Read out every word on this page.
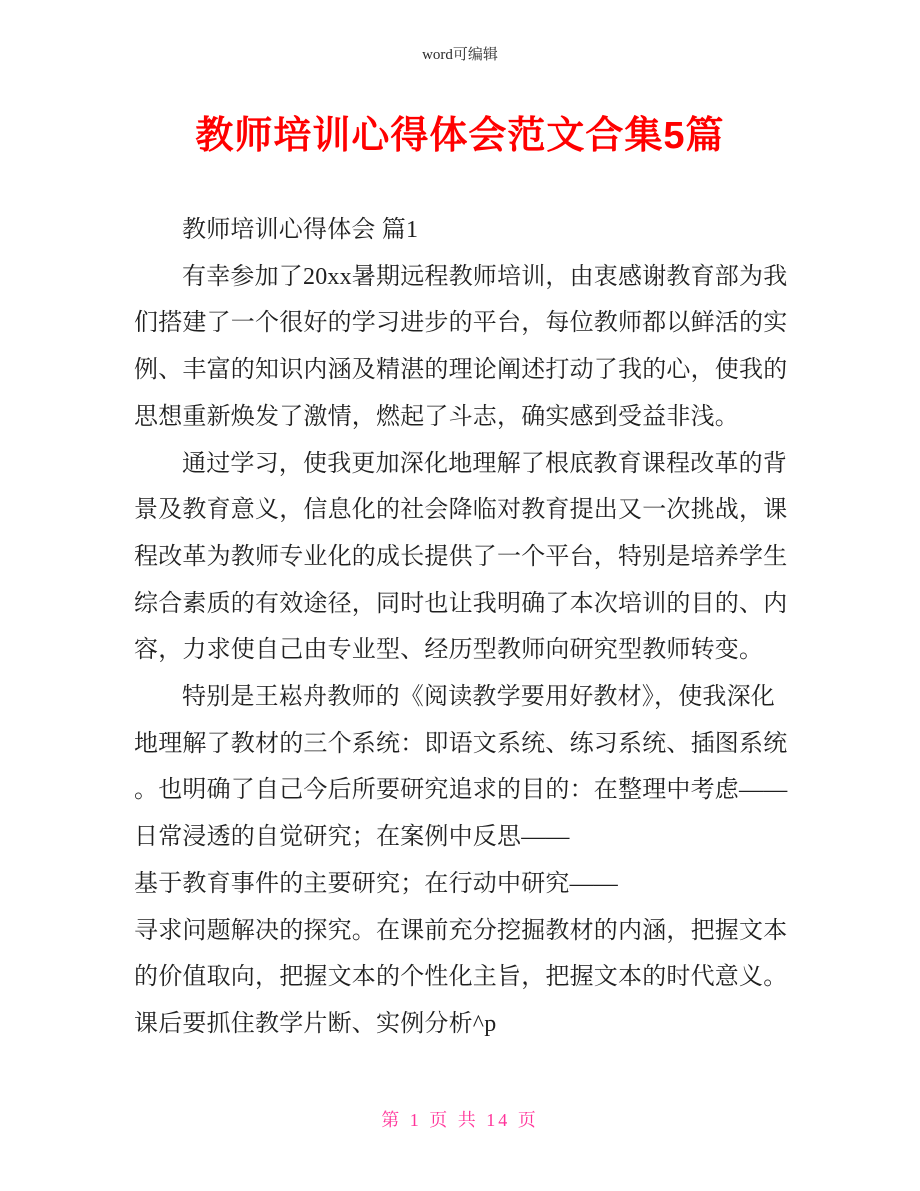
word可编辑
教师培训心得体会范文合集5篇
教师培训心得体会 篇1
有幸参加了20xx暑期远程教师培训，由衷感谢教育部为我
们搭建了一个很好的学习进步的平台，每位教师都以鲜活的实
例、丰富的知识内涵及精湛的理论阐述打动了我的心，使我的
思想重新焕发了激情，燃起了斗志，确实感到受益非浅。
通过学习，使我更加深化地理解了根底教育课程改革的背
景及教育意义，信息化的社会降临对教育提出又一次挑战，课
程改革为教师专业化的成长提供了一个平台，特别是培养学生
综合素质的有效途径，同时也让我明确了本次培训的目的、内
容，力求使自己由专业型、经历型教师向研究型教师转变。
特别是王崧舟教师的《阅读教学要用好教材》，使我深化
地理解了教材的三个系统：即语文系统、练习系统、插图系统
。也明确了自己今后所要研究追求的目的：在整理中考虑——
日常浸透的自觉研究；在案例中反思——
基于教育事件的主要研究；在行动中研究——
寻求问题解决的探究。在课前充分挖掘教材的内涵，把握文本
的价值取向，把握文本的个性化主旨，把握文本的时代意义。
课后要抓住教学片断、实例分析^p
第 1 页 共 14 页
